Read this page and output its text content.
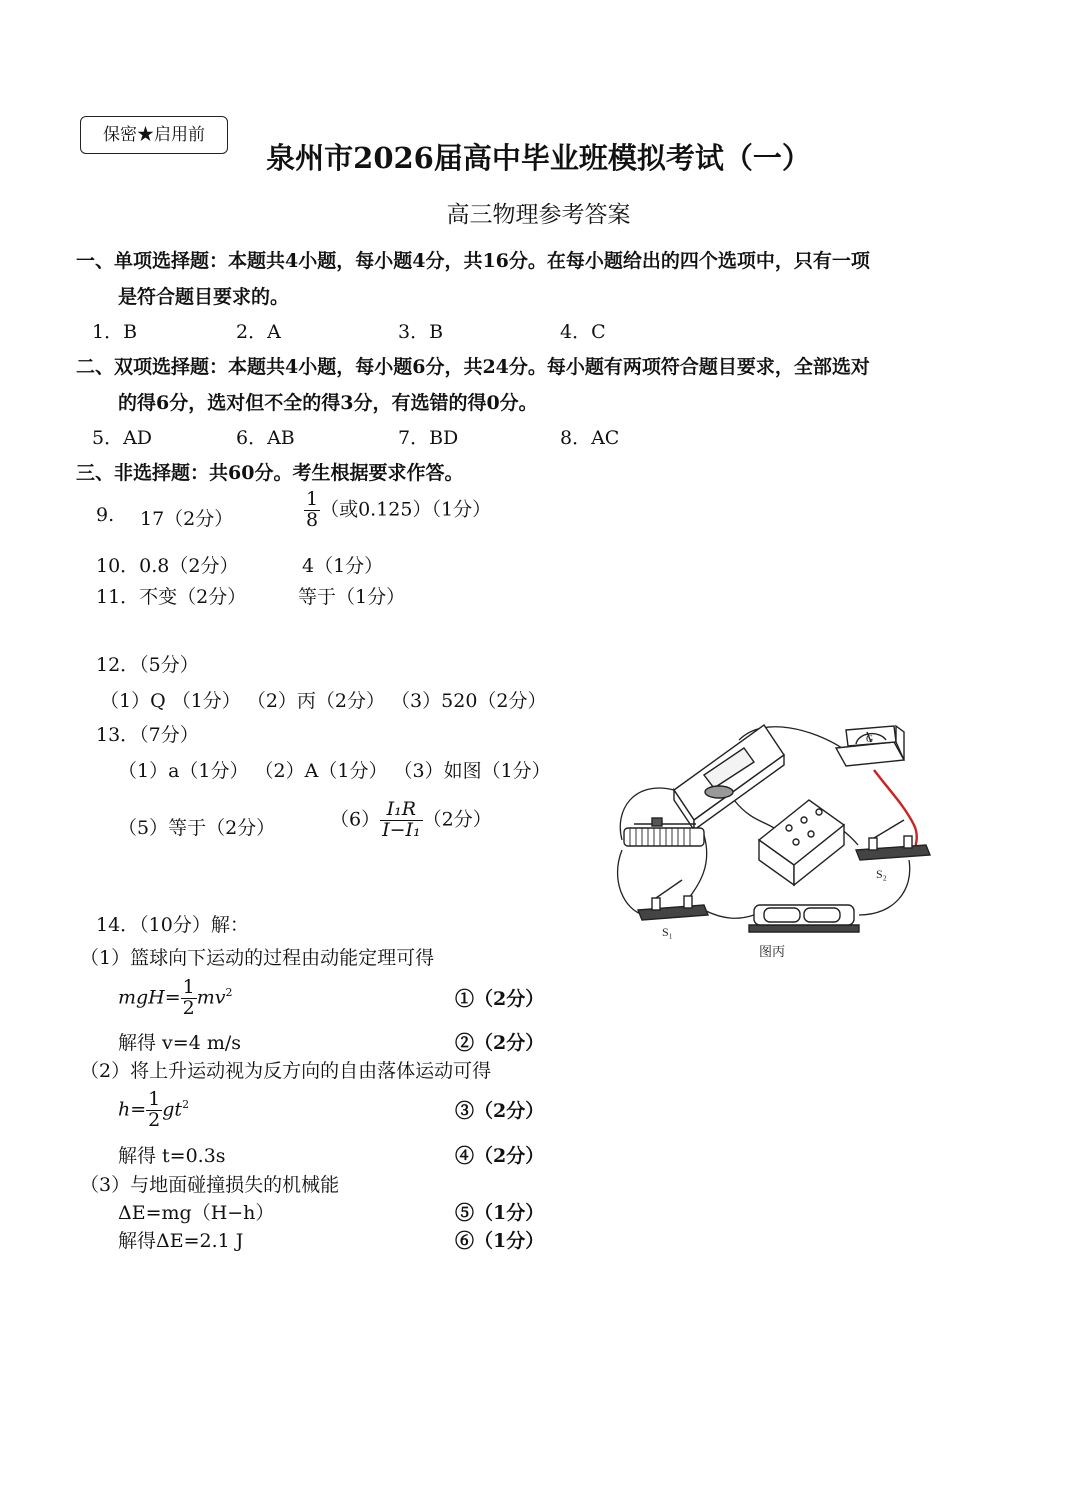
保密★启用前
泉州市2026届高中毕业班模拟考试（一）
高三物理参考答案
一、单项选择题：本题共4小题，每小题4分，共16分。在每小题给出的四个选项中，只有一项
是符合题目要求的。
1．B	2．A	3．B	4．C
二、双项选择题：本题共4小题，每小题6分，共24分。每小题有两项符合题目要求，全部选对
的得6分，选对但不全的得3分，有选错的得0分。
5．AD	6．AB	7．BD	8．AC
三、非选择题：共60分。考生根据要求作答。
9. 17（2分）	$\frac{1}{8}$ （或0.125）（1分）
10．0.8（2分）	4（1分）
11．不变（2分）	等于（1分）
12．（5分）
（1）Q （1分） （2）丙（2分） （3）520（2分）
13．（7分）
（1）a（1分） （2）A（1分） （3）如图（1分）
（5）等于（2分）	$(6) \frac{\text{I₁R}}{\text{I−I₁}} (2$分）
G
S₂
S₁
图丙
14．（10分）解：
（1）篮球向下运动的过程由动能定理可得
$mgH= \frac{1}{2} mv^2$	①（2分）
解得 v=4 m/s	②（2分）
（2）将上升运动视为反方向的自由落体运动可得
$h= \frac{1}{2} gt^2$	③（2分）
解得 t=0.3s	④（2分）
（3）与地面碰撞损失的机械能
ΔE=mg（H−h）	⑤（1分）
解得ΔE=2.1 J	⑥（1分）
